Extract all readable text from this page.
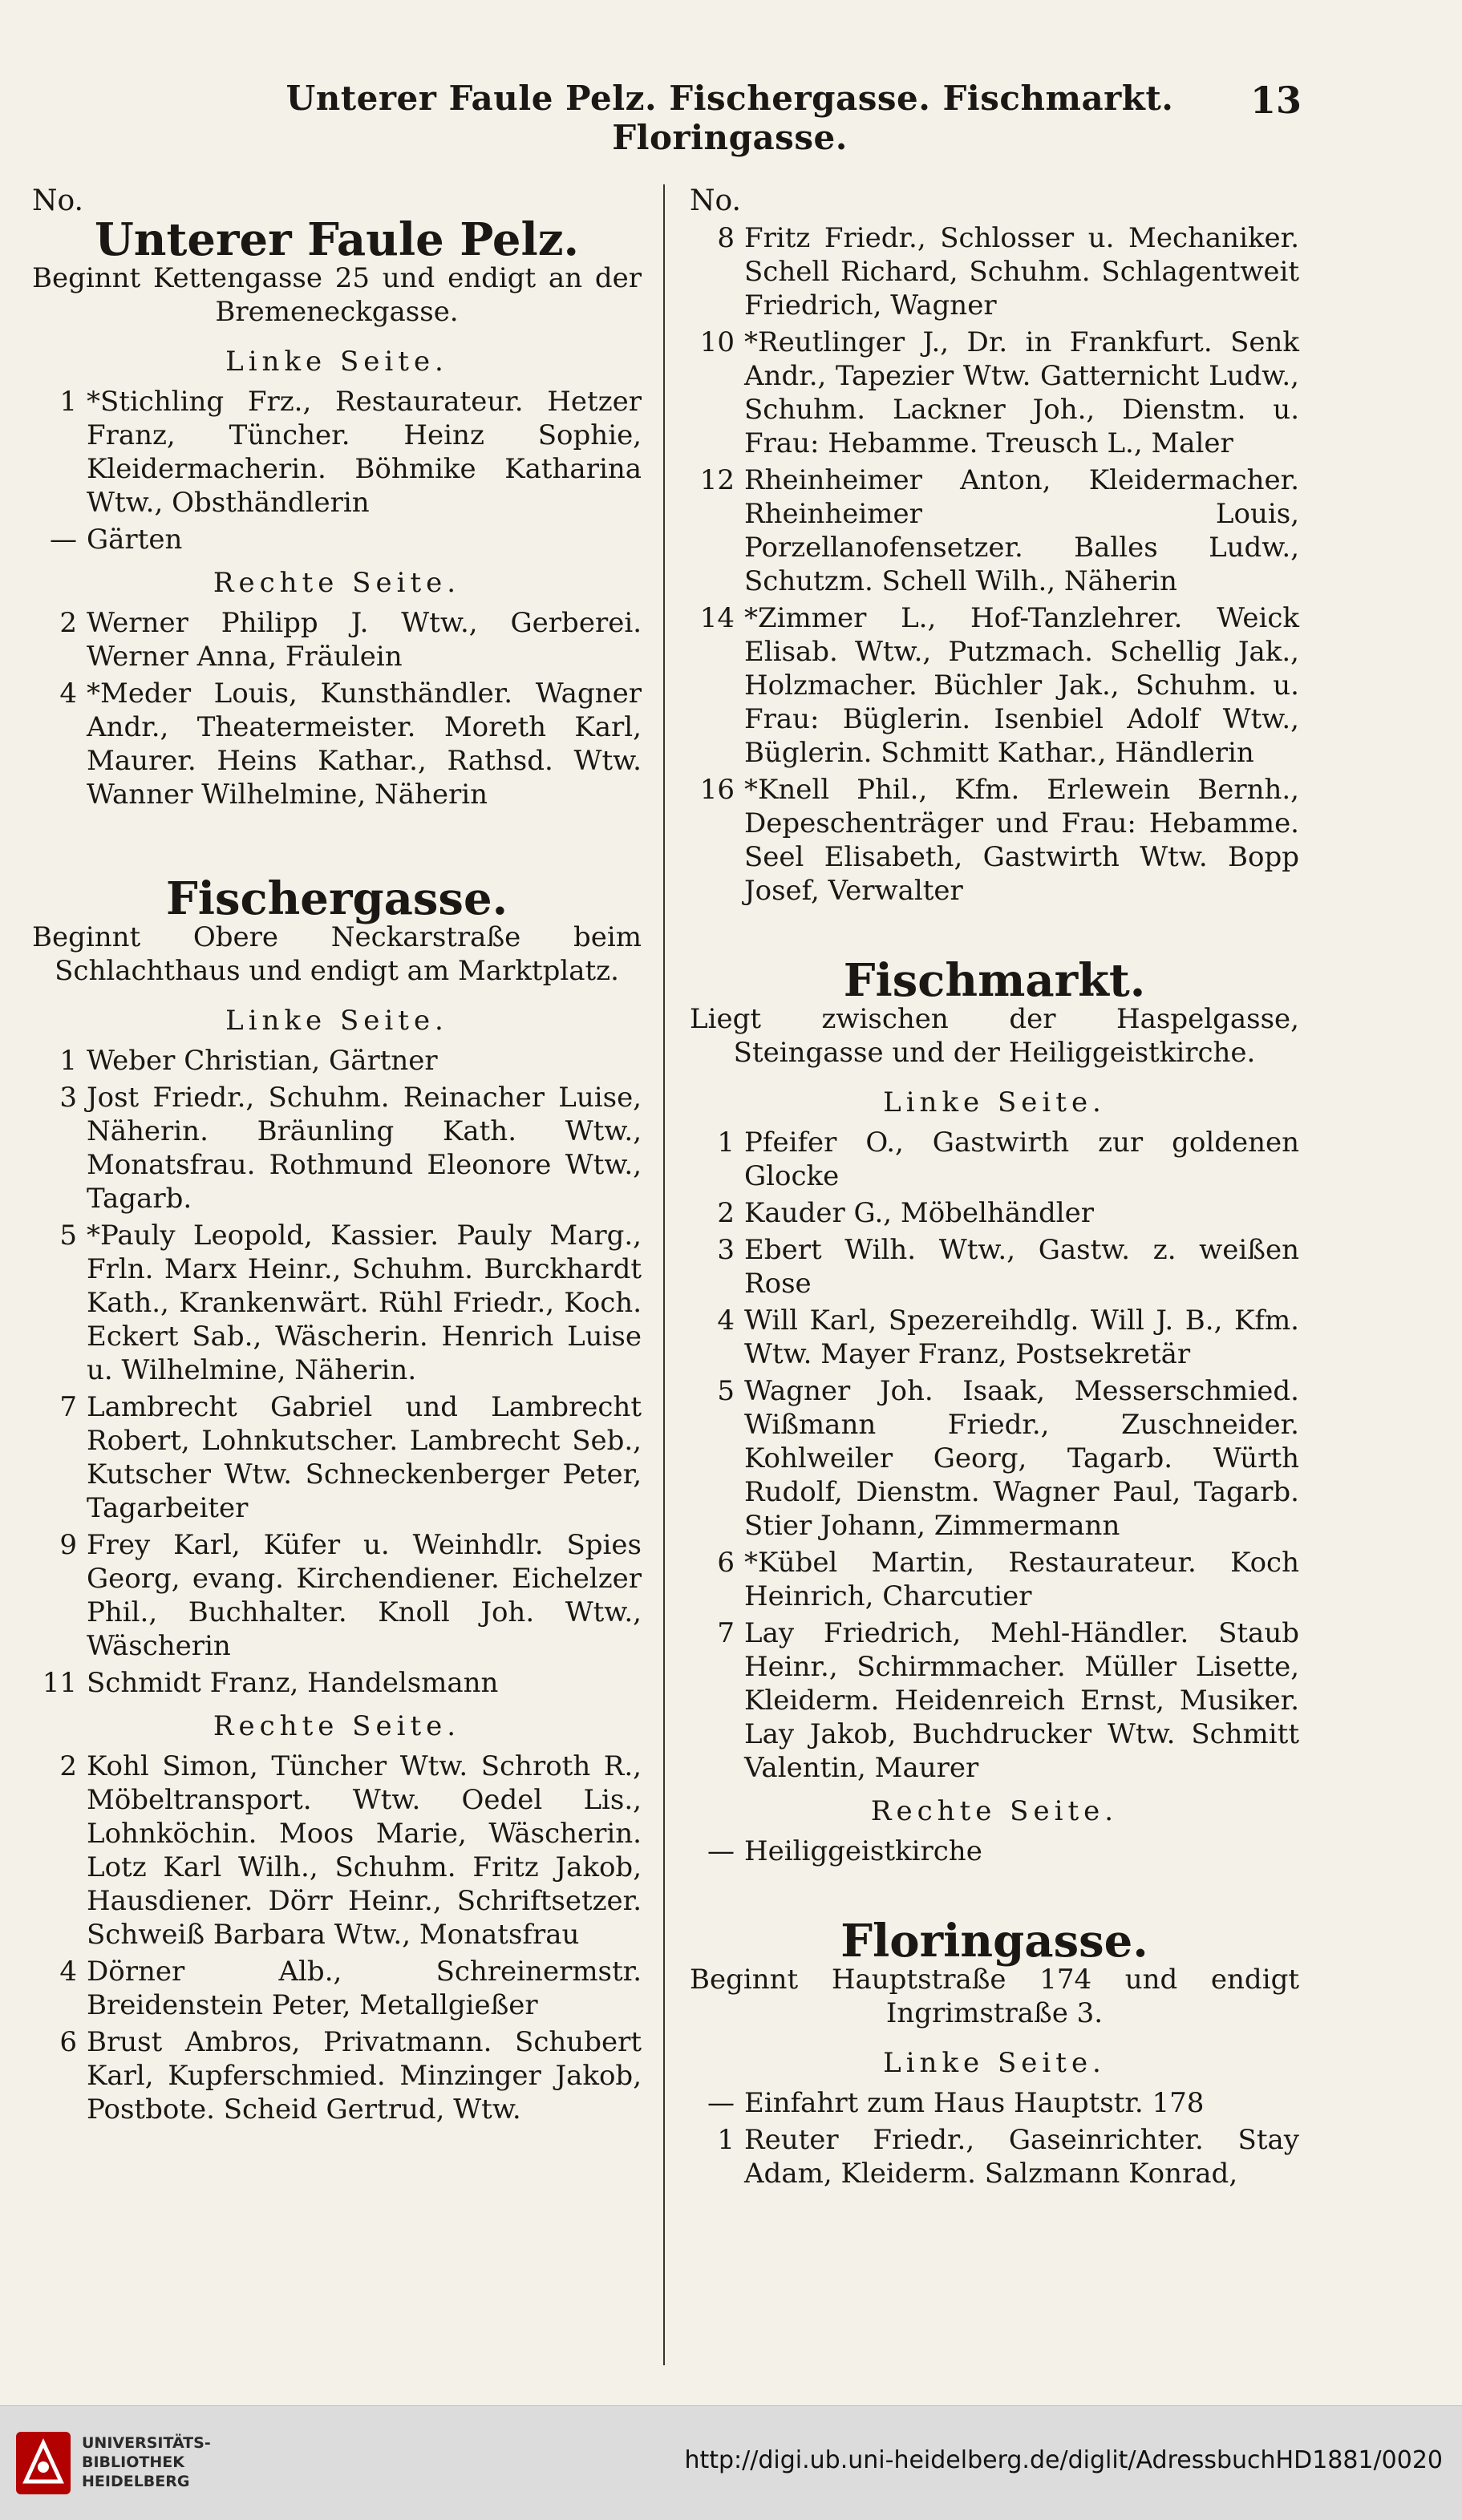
Unterer Faule Pelz. Fischergasse. Fischmarkt. Floringasse.
13
No.
Unterer Faule Pelz.
Beginnt Kettengasse 25 und endigt an der Bremeneckgasse.
Linke Seite.
1 *Stichling Frz., Restaurateur. Hetzer Franz, Tüncher. Heinz Sophie, Kleidermacherin. Böhmike Katharina Wtw., Obsthändlerin
— Gärten
Rechte Seite.
2 Werner Philipp J. Wtw., Gerberei. Werner Anna, Fräulein
4 *Meder Louis, Kunsthändler. Wagner Andr., Theatermeister. Moreth Karl, Maurer. Heins Kathar., Rathsd. Wtw. Wanner Wilhelmine, Näherin
Fischergasse.
Beginnt Obere Neckarstraße beim Schlachthaus und endigt am Marktplatz.
Linke Seite.
1 Weber Christian, Gärtner
3 Jost Friedr., Schuhm. Reinacher Luise, Näherin. Bräunling Kath. Wtw., Monatsfrau. Rothmund Eleonore Wtw., Tagarb.
5 *Pauly Leopold, Kassier. Pauly Marg., Frln. Marx Heinr., Schuhm. Burckhardt Kath., Krankenwärt. Rühl Friedr., Koch. Eckert Sab., Wäscherin. Henrich Luise u. Wilhelmine, Näherin.
7 Lambrecht Gabriel und Lambrecht Robert, Lohnkutscher. Lambrecht Seb., Kutscher Wtw. Schneckenberger Peter, Tagarbeiter
9 Frey Karl, Küfer u. Weinhdlr. Spies Georg, evang. Kirchendiener. Eichelzer Phil., Buchhalter. Knoll Joh. Wtw., Wäscherin
11 Schmidt Franz, Handelsmann
Rechte Seite.
2 Kohl Simon, Tüncher Wtw. Schroth R., Möbeltransport. Wtw. Oedel Lis., Lohnköchin. Moos Marie, Wäscherin. Lotz Karl Wilh., Schuhm. Fritz Jakob, Hausdiener. Dörr Heinr., Schriftsetzer. Schweiß Barbara Wtw., Monatsfrau
4 Dörner Alb., Schreinermstr. Breidenstein Peter, Metallgießer
6 Brust Ambros, Privatmann. Schubert Karl, Kupferschmied. Minzinger Jakob, Postbote. Scheid Gertrud, Wtw.
No.
8 Fritz Friedr., Schlosser u. Mechaniker. Schell Richard, Schuhm. Schlagentweit Friedrich, Wagner
10 *Reutlinger J., Dr. in Frankfurt. Senk Andr., Tapezier Wtw. Gatternicht Ludw., Schuhm. Lackner Joh., Dienstm. u. Frau: Hebamme. Treusch L., Maler
12 Rheinheimer Anton, Kleidermacher. Rheinheimer Louis, Porzellanofensetzer. Balles Ludw., Schutzm. Schell Wilh., Näherin
14 *Zimmer L., Hof-Tanzlehrer. Weick Elisab. Wtw., Putzmach. Schellig Jak., Holzmacher. Büchler Jak., Schuhm. u. Frau: Büglerin. Isenbiel Adolf Wtw., Büglerin. Schmitt Kathar., Händlerin
16 *Knell Phil., Kfm. Erlewein Bernh., Depeschenträger und Frau: Hebamme. Seel Elisabeth, Gastwirth Wtw. Bopp Josef, Verwalter
Fischmarkt.
Liegt zwischen der Haspelgasse, Steingasse und der Heiliggeistkirche.
Linke Seite.
1 Pfeifer O., Gastwirth zur goldenen Glocke
2 Kauder G., Möbelhändler
3 Ebert Wilh. Wtw., Gastw. z. weißen Rose
4 Will Karl, Spezereihdlg. Will J. B., Kfm. Wtw. Mayer Franz, Postsekretär
5 Wagner Joh. Isaak, Messerschmied. Wißmann Friedr., Zuschneider. Kohlweiler Georg, Tagarb. Würth Rudolf, Dienstm. Wagner Paul, Tagarb. Stier Johann, Zimmermann
6 *Kübel Martin, Restaurateur. Koch Heinrich, Charcutier
7 Lay Friedrich, Mehl-Händler. Staub Heinr., Schirmmacher. Müller Lisette, Kleiderm. Heidenreich Ernst, Musiker. Lay Jakob, Buchdrucker Wtw. Schmitt Valentin, Maurer
Rechte Seite.
— Heiliggeistkirche
Floringasse.
Beginnt Hauptstraße 174 und endigt Ingrimstraße 3.
Linke Seite.
— Einfahrt zum Haus Hauptstr. 178
1 Reuter Friedr., Gaseinrichter. Stay Adam, Kleiderm. Salzmann Konrad,
UNIVERSITÄTS-
BIBLIOTHEK
HEIDELBERG
http://digi.ub.uni-heidelberg.de/diglit/AdressbuchHD1881/0020
